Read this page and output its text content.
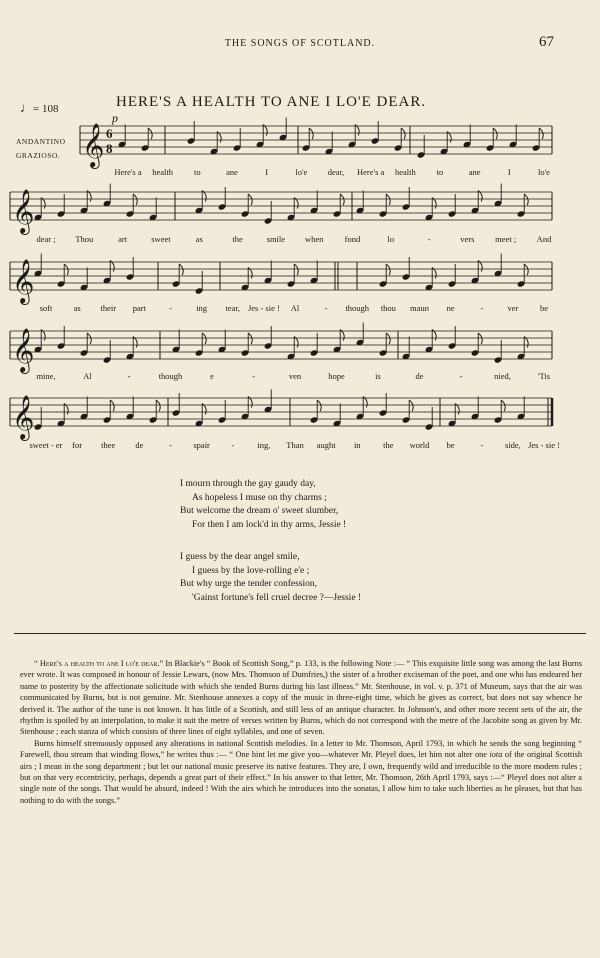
THE SONGS OF SCOTLAND.	67
♩= 108	HERE'S A HEALTH TO ANE I LO'E DEAR.
ANDANTINO
GRAZIOSO. 𝄞 6
8
p
𝄞
𝄞
𝄞
𝄞
Here's a health to	ane	I	lo'e dear, Here's a health to	ane	I	lo'e
dear ; Thou	art	sweet	as	the	smile when	fond	lo	-	vers meet ; And
soft as their part	-	ing tear, Jes - sie ! Al	- though thou maun ne	-	ver	be
mine,	Al	-	though	e	-	ven	hope	is	de	-	nied,	'Tis
sweet - er for thee de	-	spair	-	ing, Than aught in	the world be	-	side, Jes - sie !
I mourn through the gay gaudy day,
As hopeless I muse on thy charms ;
But welcome the dream o' sweet slumber,
For then I am lock'd in thy arms, Jessie !
I guess by the dear angel smile,
I guess by the love-rolling e'e ;
But why urge the tender confession,
'Gainst fortune's fell cruel decree ?—Jessie !

“ Here's a health to ane I lo'e dear.” In Blackie's “ Book of Scottish Song,” p. 133, is the following Note :— “ This exquisite little song was among the last Burns ever wrote. It was composed in honour of Jessie Lewars, (now Mrs. Thomson of Dumfries,) the sister of a brother exciseman of the poet, and one who has endeared her name to posterity by the affectionate solicitude with which she tended Burns during his last illness.” Mr. Stenhouse, in vol. v. p. 371 of Museum, says that the air was communicated by Burns, but is not genuine. Mr. Stenhouse annexes a copy of the music in three-eight time, which he gives as correct, but does not say whence he derived it. The author of the tune is not known. It has little of a Scottish, and still less of an antique character. In Johnson's, and other more recent sets of the air, the rhythm is spoiled by an interpolation, to make it suit the metre of verses written by Burns, which do not correspond with the metre of the Jacobite song as given by Mr. Stenhouse ; each stanza of which consists of three lines of eight syllables, and one of seven.

Burns himself strenuously opposed any alterations in national Scottish melodies. In a letter to Mr. Thomson, April 1793, in which he sends the song beginning “ Farewell, thou stream that winding flows,” he writes thus :— “ One hint let me give you—whatever Mr. Pleyel does, let him not alter one iota of the original Scottish airs ; I mean in the song department ; but let our national music preserve its native features. They are, I own, frequently wild and irreducible to the more modern rules ; but on that very eccentricity, perhaps, depends a great part of their effect.” In his answer to that letter, Mr. Thomson, 26th April 1793, says :—“ Pleyel does not alter a single note of the songs. That would be absurd, indeed ! With the airs which he introduces into the sonatas, I allow him to take such liberties as he pleases, but that has nothing to do with the songs.”
